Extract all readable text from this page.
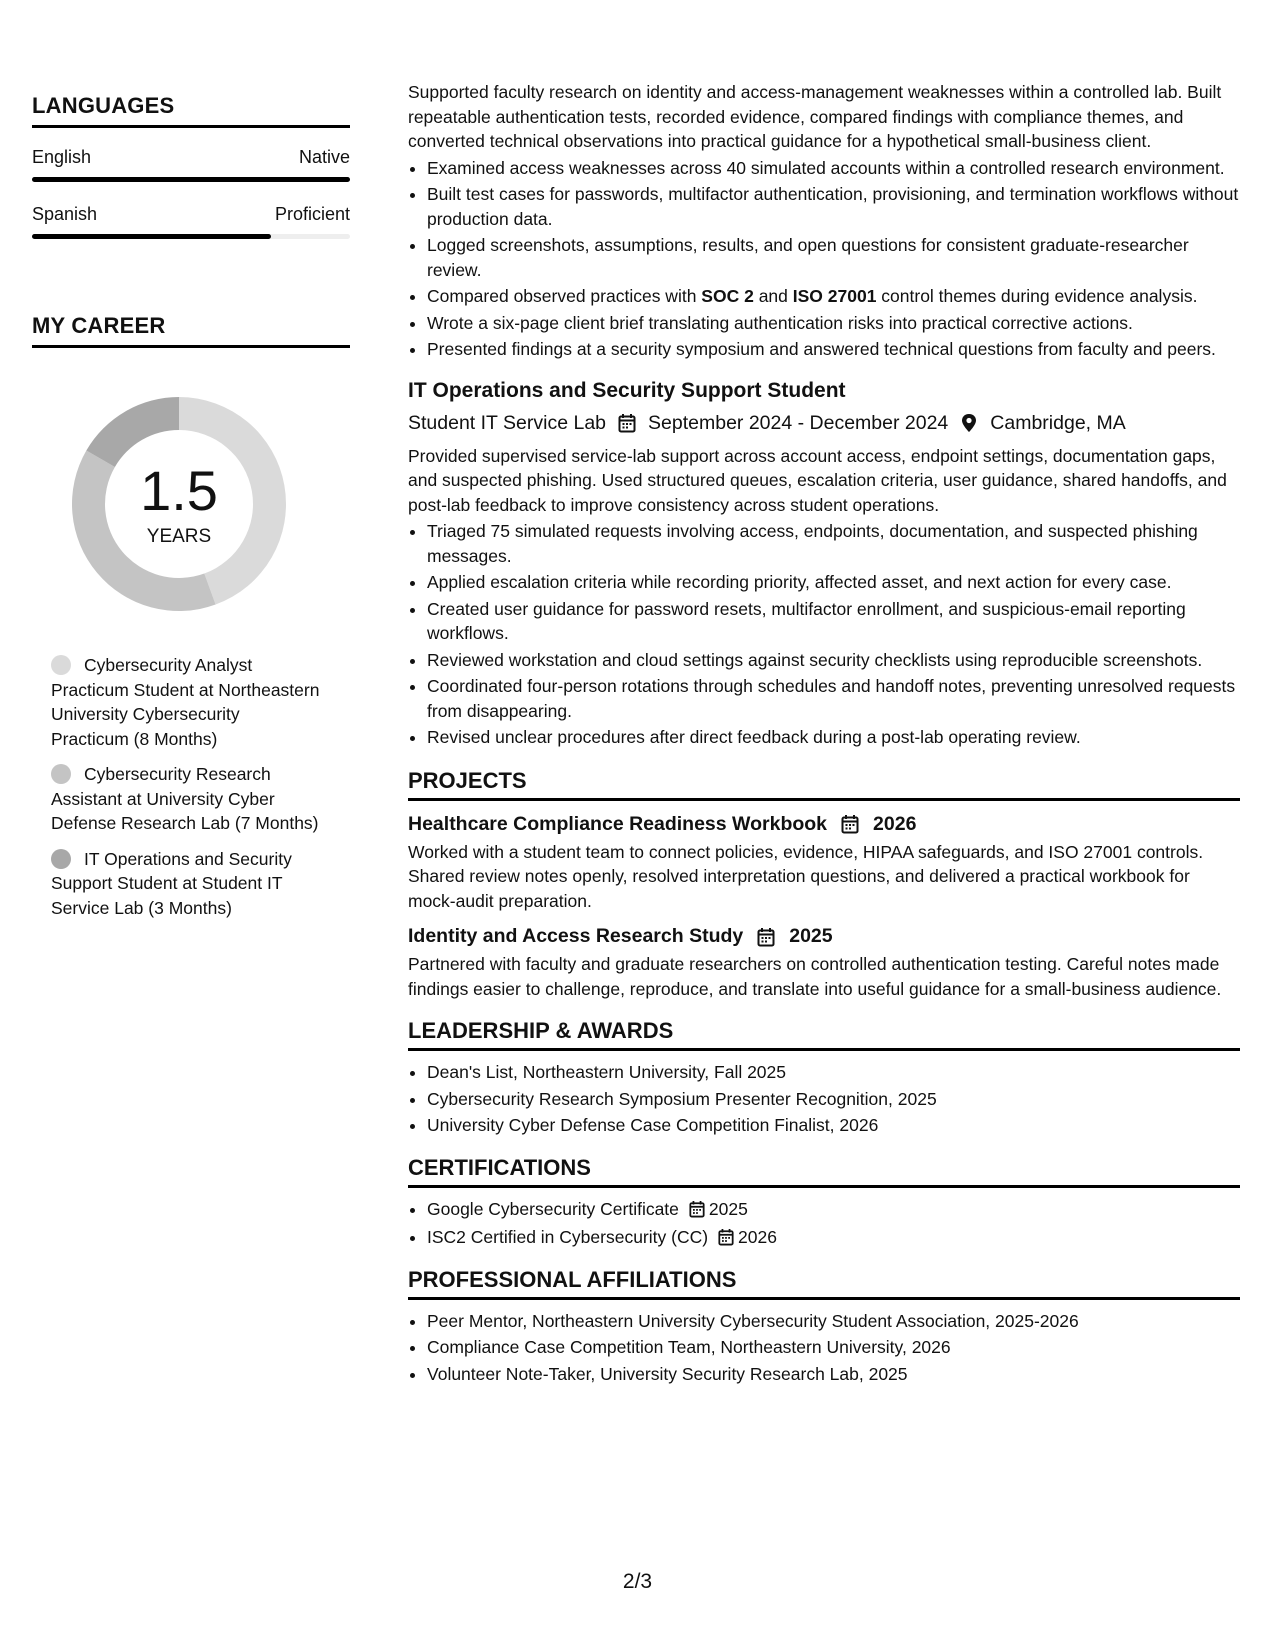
LANGUAGES
English	Native
Spanish	Proficient
MY CAREER
1.5
YEARS
Cybersecurity Analyst Practicum Student at Northeastern University Cybersecurity Practicum (8 Months)
Cybersecurity Research Assistant at University Cyber Defense Research Lab (7 Months)
IT Operations and Security Support Student at Student IT Service Lab (3 Months)

Supported faculty research on identity and access-management weaknesses within a controlled lab. Built repeatable authentication tests, recorded evidence, compared findings with compliance themes, and converted technical observations into practical guidance for a hypothetical small-business client.

• Examined access weaknesses across 40 simulated accounts within a controlled research environment.
• Built test cases for passwords, multifactor authentication, provisioning, and termination workflows without production data.
• Logged screenshots, assumptions, results, and open questions for consistent graduate-researcher review.
• Compared observed practices with SOC 2 and ISO 27001 control themes during evidence analysis.
• Wrote a six-page client brief translating authentication risks into practical corrective actions.
• Presented findings at a security symposium and answered technical questions from faculty and peers.
IT Operations and Security Support Student
Student IT Service Lab September 2024 - December 2024 Cambridge, MA

Provided supervised service-lab support across account access, endpoint settings, documentation gaps, and suspected phishing. Used structured queues, escalation criteria, user guidance, shared handoffs, and post-lab feedback to improve consistency across student operations.

• Triaged 75 simulated requests involving access, endpoints, documentation, and suspected phishing messages.
• Applied escalation criteria while recording priority, affected asset, and next action for every case.
• Created user guidance for password resets, multifactor enrollment, and suspicious-email reporting workflows.
• Reviewed workstation and cloud settings against security checklists using reproducible screenshots.
• Coordinated four-person rotations through schedules and handoff notes, preventing unresolved requests from disappearing.
• Revised unclear procedures after direct feedback during a post-lab operating review.
PROJECTS
Healthcare Compliance Readiness Workbook 2026

Worked with a student team to connect policies, evidence, HIPAA safeguards, and ISO 27001 controls. Shared review notes openly, resolved interpretation questions, and delivered a practical workbook for mock-audit preparation.

Identity and Access Research Study 2025

Partnered with faculty and graduate researchers on controlled authentication testing. Careful notes made findings easier to challenge, reproduce, and translate into useful guidance for a small-business audience.

LEADERSHIP & AWARDS
• Dean's List, Northeastern University, Fall 2025
• Cybersecurity Research Symposium Presenter Recognition, 2025
• University Cyber Defense Case Competition Finalist, 2026
CERTIFICATIONS
• Google Cybersecurity Certificate 2025
• ISC2 Certified in Cybersecurity (CC) 2026
PROFESSIONAL AFFILIATIONS
• Peer Mentor, Northeastern University Cybersecurity Student Association, 2025-2026
• Compliance Case Competition Team, Northeastern University, 2026
• Volunteer Note-Taker, University Security Research Lab, 2025
2/3
